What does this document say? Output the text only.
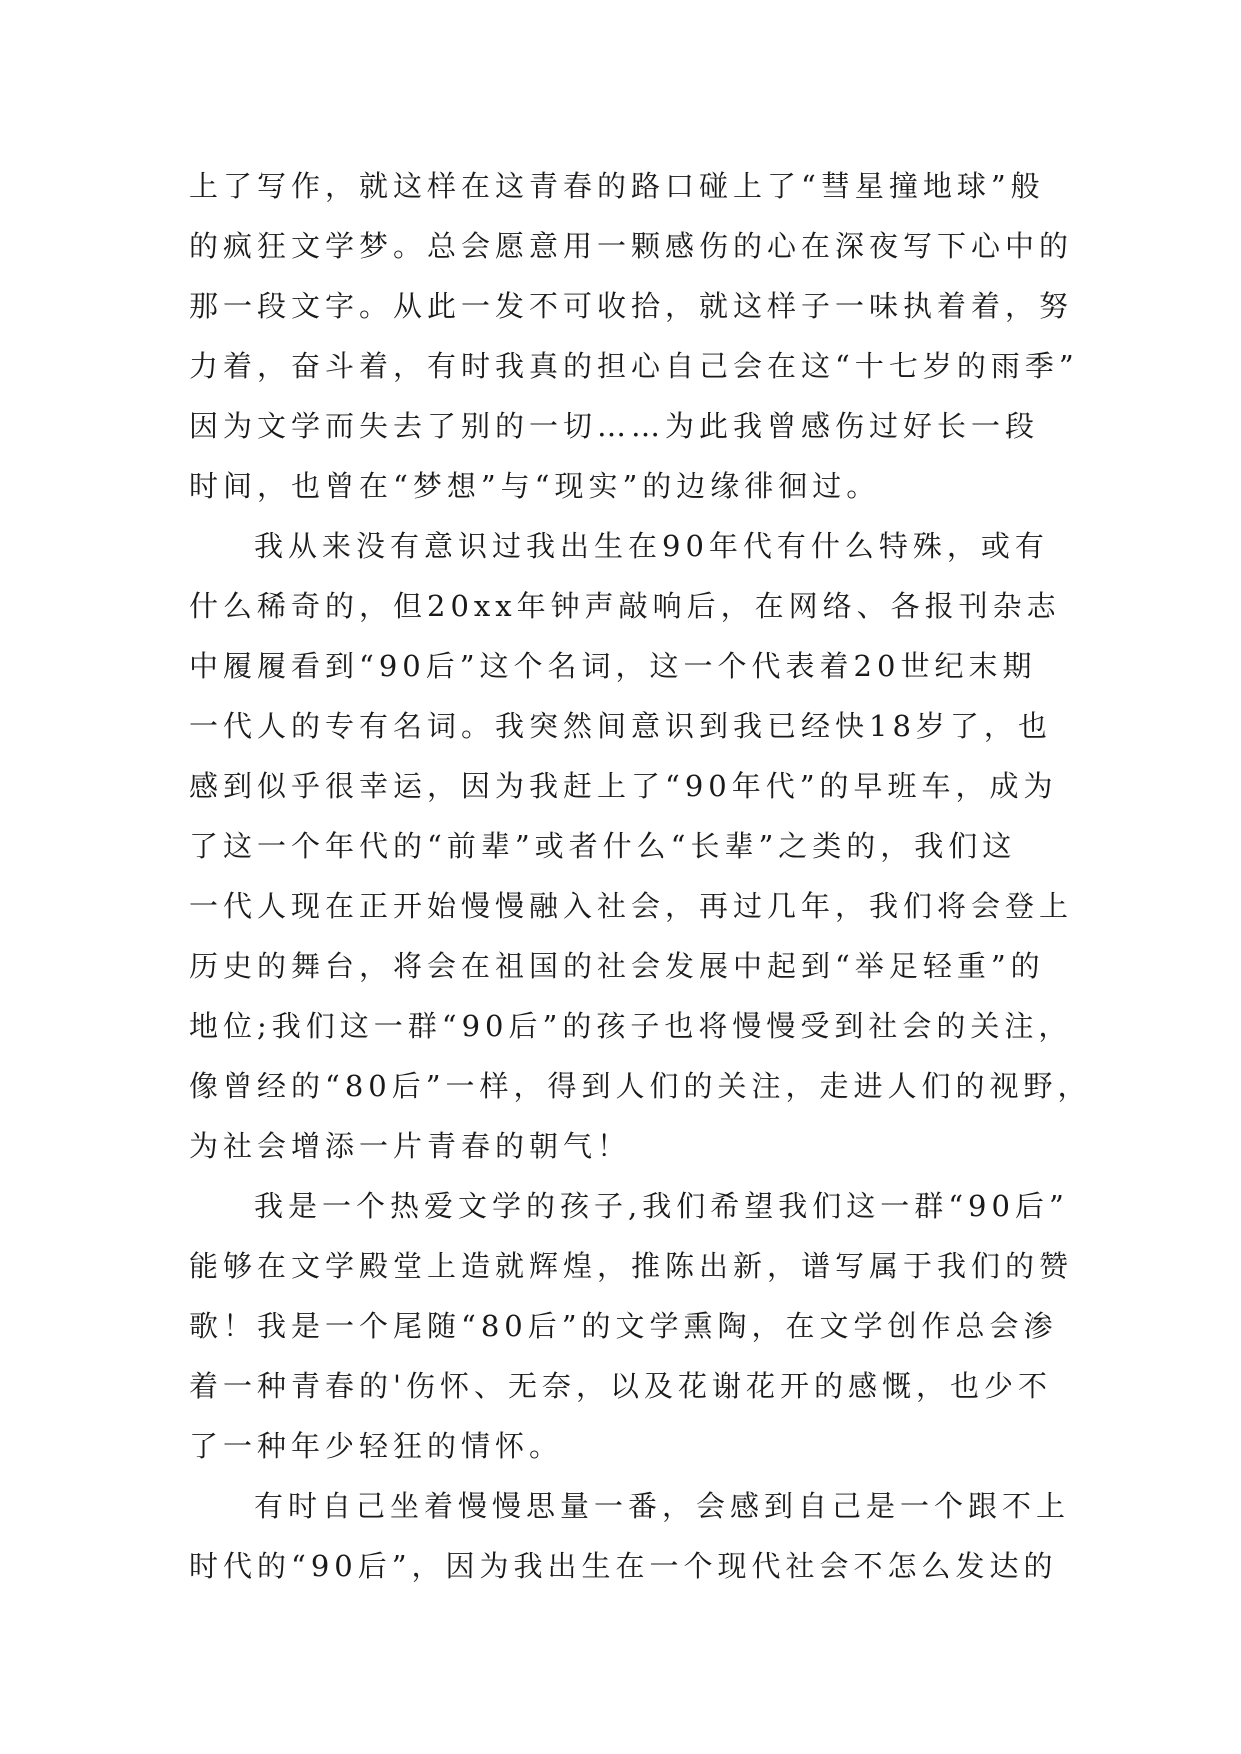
上了写作，就这样在这青春的路口碰上了“彗星撞地球”般
的疯狂文学梦。总会愿意用一颗感伤的心在深夜写下心中的
那一段文字。从此一发不可收拾，就这样子一味执着着，努
力着，奋斗着，有时我真的担心自己会在这“十七岁的雨季”
因为文学而失去了别的一切……为此我曾感伤过好长一段
时间，也曾在“梦想”与“现实”的边缘徘徊过。
我从来没有意识过我出生在90年代有什么特殊，或有
什么稀奇的，但20xx年钟声敲响后，在网络、各报刊杂志
中履履看到“90后”这个名词，这一个代表着20世纪末期
一代人的专有名词。我突然间意识到我已经快18岁了，也
感到似乎很幸运，因为我赶上了“90年代”的早班车，成为
了这一个年代的“前辈”或者什么“长辈”之类的，我们这
一代人现在正开始慢慢融入社会，再过几年，我们将会登上
历史的舞台，将会在祖国的社会发展中起到“举足轻重”的
地位;我们这一群“90后”的孩子也将慢慢受到社会的关注，
像曾经的“80后”一样，得到人们的关注，走进人们的视野，
为社会增添一片青春的朝气！
我是一个热爱文学的孩子,我们希望我们这一群“90后”
能够在文学殿堂上造就辉煌，推陈出新，谱写属于我们的赞
歌！我是一个尾随“80后”的文学熏陶，在文学创作总会渗
着一种青春的'伤怀、无奈，以及花谢花开的感慨，也少不
了一种年少轻狂的情怀。
有时自己坐着慢慢思量一番，会感到自己是一个跟不上
时代的“90后”，因为我出生在一个现代社会不怎么发达的
